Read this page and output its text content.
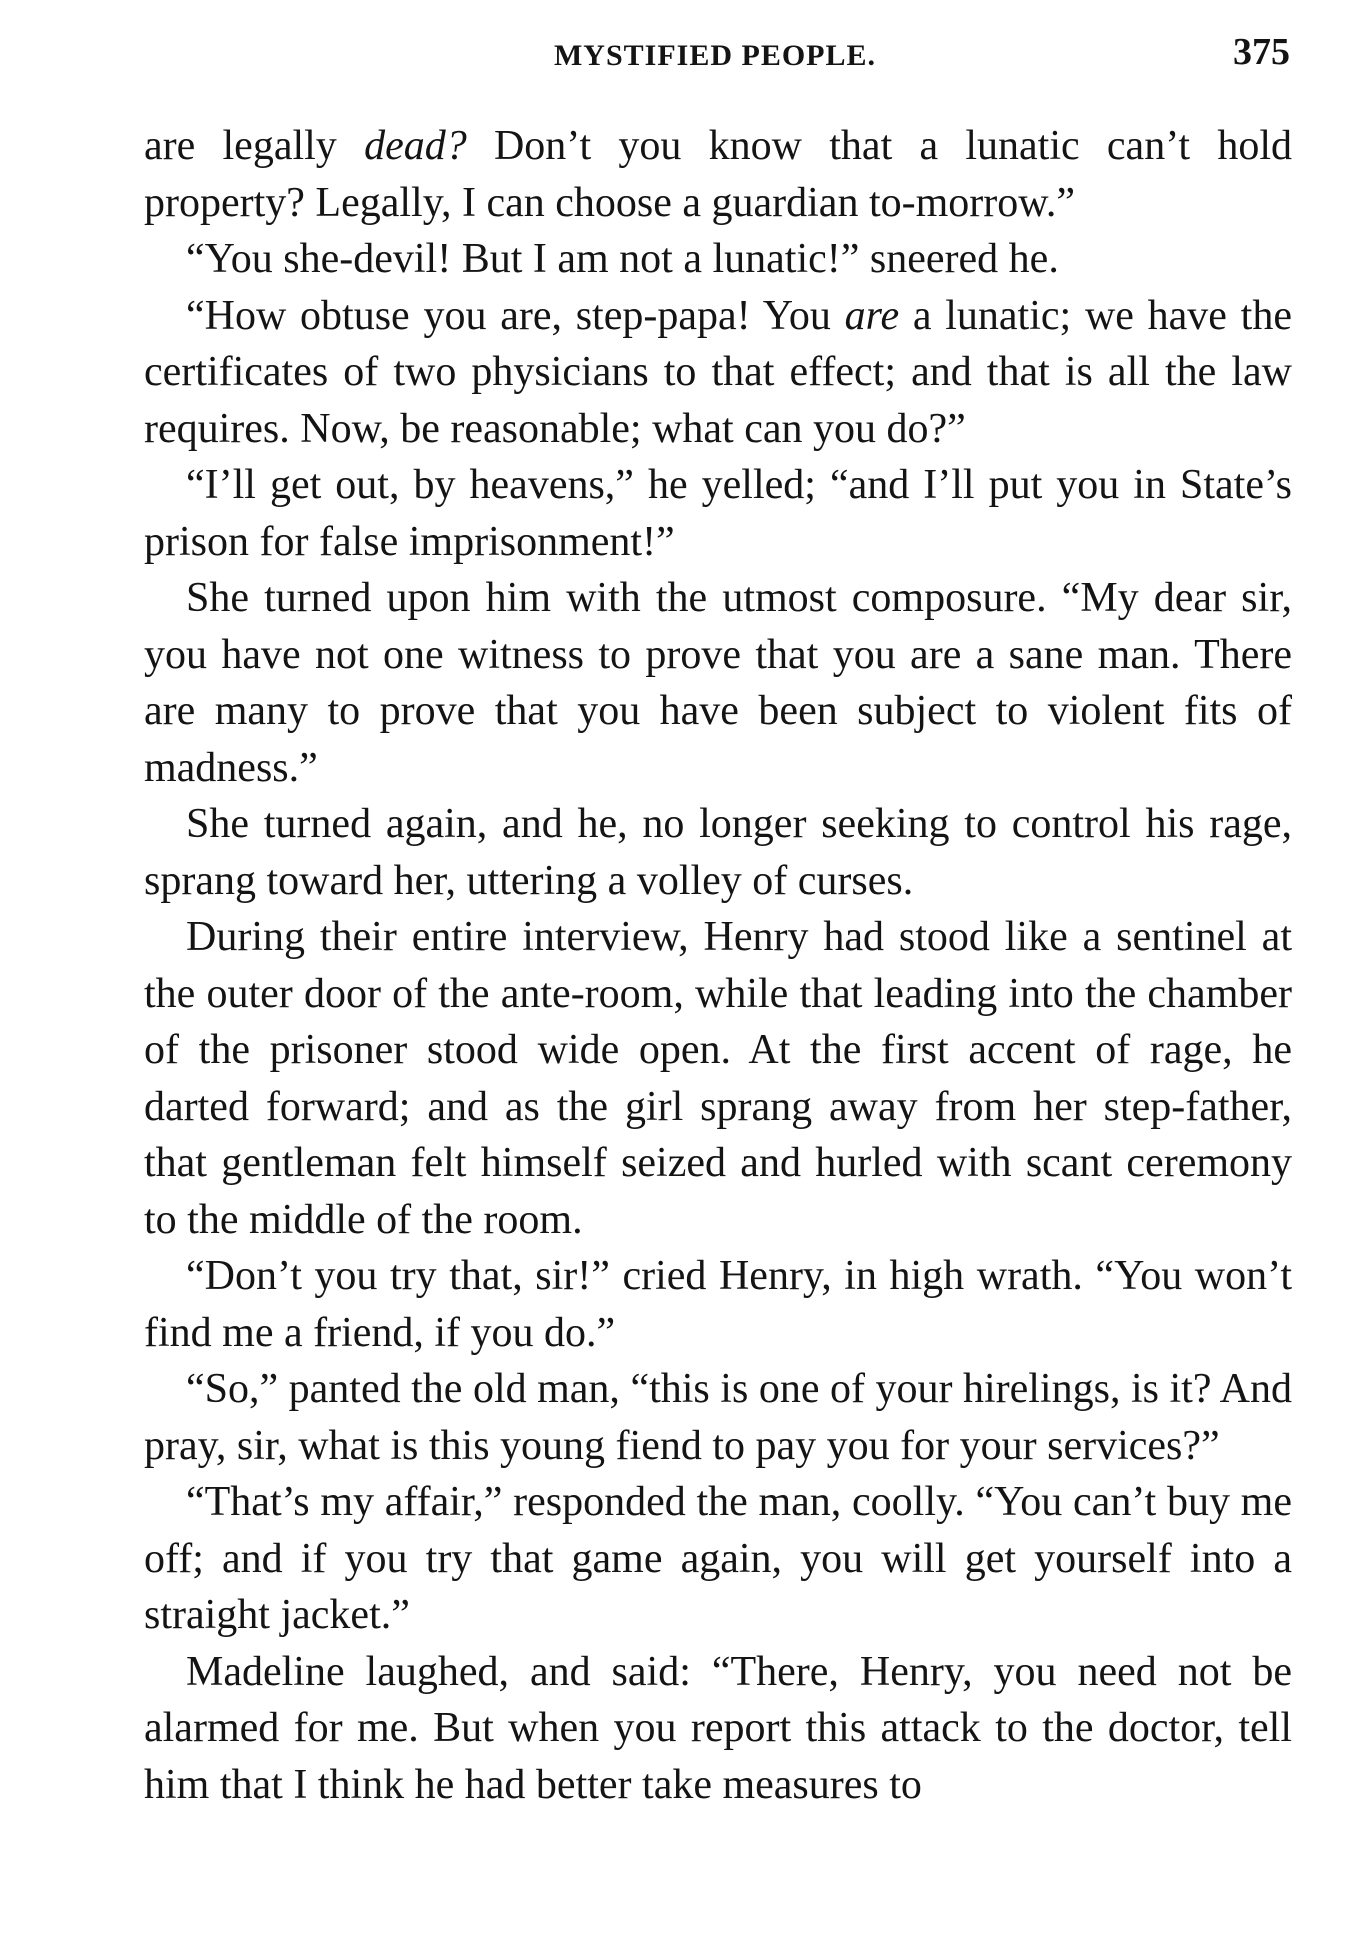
MYSTIFIED PEOPLE.	375

are legally dead? Don’t you know that a lunatic can’t hold property? Legally, I can choose a guardian to-morrow.”

“You she-devil! But I am not a lunatic!” sneered he.

“How obtuse you are, step-papa! You are a lunatic; we have the certificates of two physicians to that effect; and that is all the law requires. Now, be reasonable; what can you do?”

“I’ll get out, by heavens,” he yelled; “and I’ll put you in State’s prison for false imprisonment!”

She turned upon him with the utmost composure. “My dear sir, you have not one witness to prove that you are a sane man. There are many to prove that you have been subject to violent fits of madness.”

She turned again, and he, no longer seeking to control his rage, sprang toward her, uttering a volley of curses.

During their entire interview, Henry had stood like a sentinel at the outer door of the ante-room, while that leading into the chamber of the prisoner stood wide open. At the first accent of rage, he darted forward; and as the girl sprang away from her step-father, that gentleman felt himself seized and hurled with scant ceremony to the middle of the room.

“Don’t you try that, sir!” cried Henry, in high wrath. “You won’t find me a friend, if you do.”

“So,” panted the old man, “this is one of your hirelings, is it? And pray, sir, what is this young fiend to pay you for your services?”

“That’s my affair,” responded the man, coolly. “You can’t buy me off; and if you try that game again, you will get yourself into a straight jacket.”

Madeline laughed, and said: “There, Henry, you need not be alarmed for me. But when you report this attack to the doctor, tell him that I think he had better take measures to
